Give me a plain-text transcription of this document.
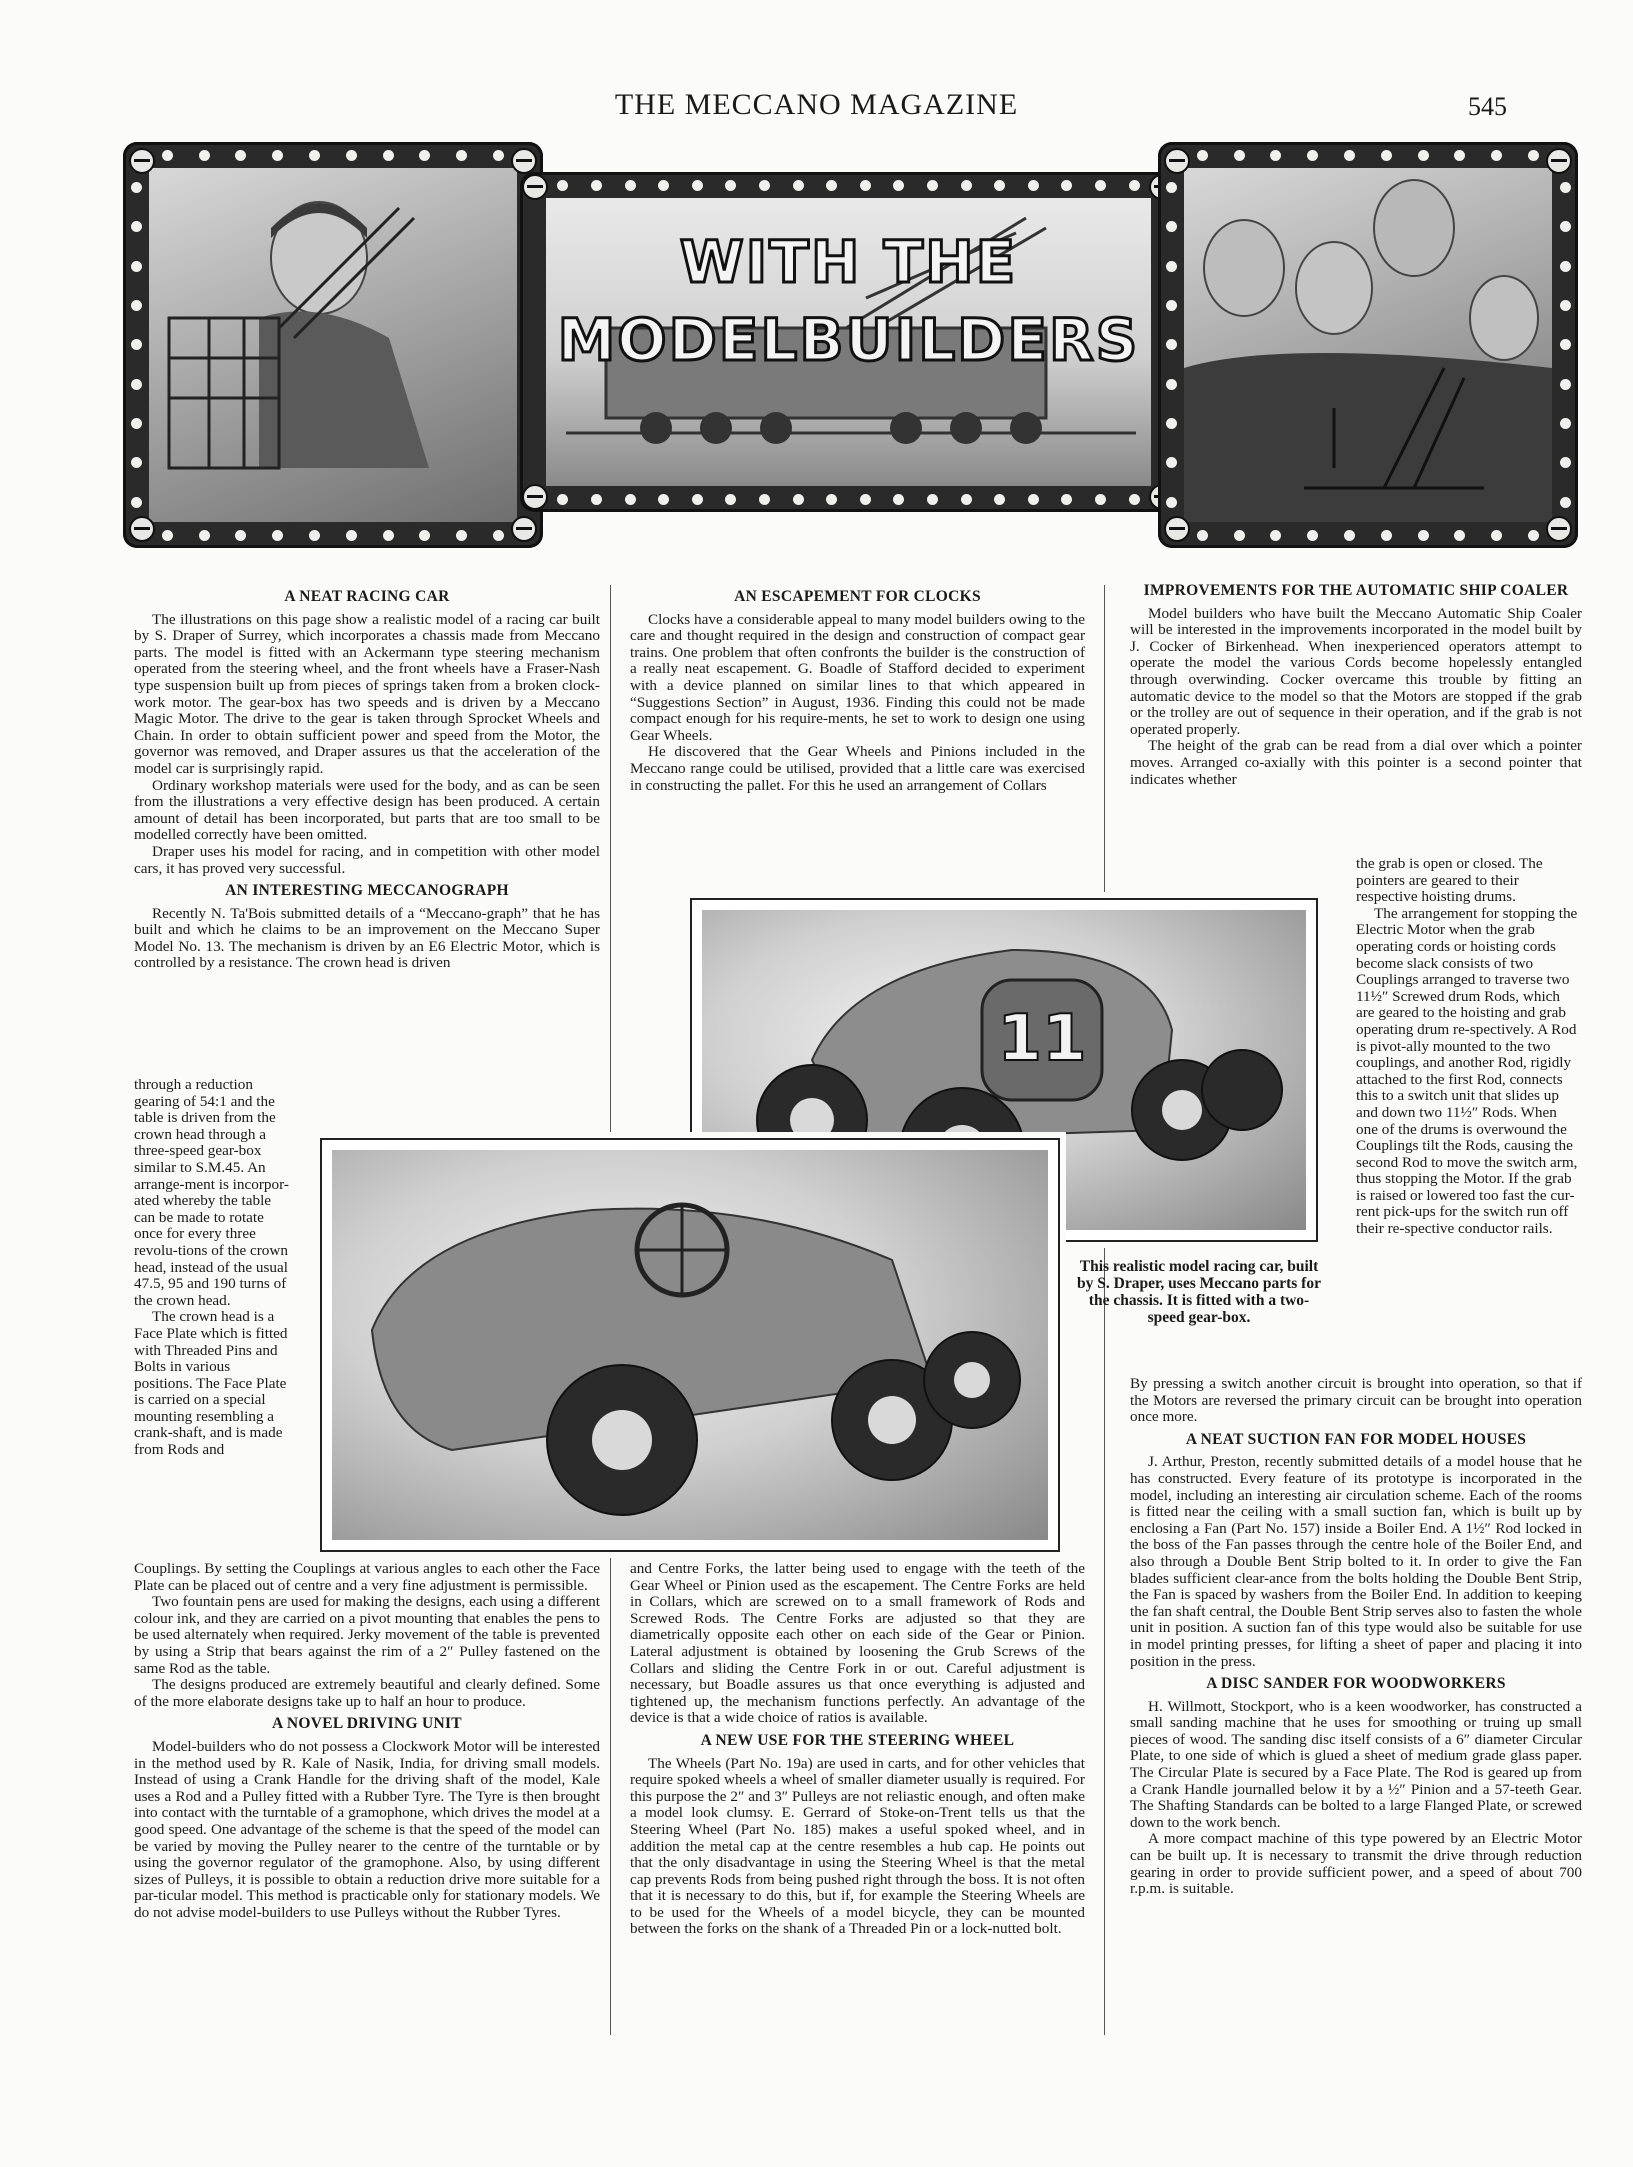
THE MECCANO MAGAZINE	545
WITH THE
MODELBUILDERS
A NEAT RACING CAR

The illustrations on this page show a realistic model of a racing car built by S. Draper of Surrey, which incorporates a chassis made from Meccano parts. The model is fitted with an Ackermann type steering mechanism operated from the steering wheel, and the front wheels have a Fraser-Nash type suspension built up from pieces of springs taken from a broken clock-work motor. The gear-box has two speeds and is driven by a Meccano Magic Motor. The drive to the gear is taken through Sprocket Wheels and Chain. In order to obtain sufficient power and speed from the Motor, the governor was removed, and Draper assures us that the acceleration of the model car is surprisingly rapid.

Ordinary workshop materials were used for the body, and as can be seen from the illustrations a very effective design has been produced. A certain amount of detail has been incorporated, but parts that are too small to be modelled correctly have been omitted.

Draper uses his model for racing, and in competition with other model cars, it has proved very successful.

AN INTERESTING MECCANOGRAPH

Recently N. Ta'Bois submitted details of a “Meccano-graph” that he has built and which he claims to be an improvement on the Meccano Super Model No. 13. The mechanism is driven by an E6 Electric Motor, which is controlled by a resistance. The crown head is driven

through a reduction gearing of 54:1 and the table is driven from the crown head through a three-speed gear-box similar to S.M.45. An arrange-ment is incorpor-ated whereby the table can be made to rotate once for every three revolu-tions of the crown head, instead of the usual 47.5, 95 and 190 turns of the crown head.

The crown head is a Face Plate which is fitted with Threaded Pins and Bolts in various positions. The Face Plate is carried on a special mounting resembling a crank-shaft, and is made from Rods and

Couplings. By setting the Couplings at various angles to each other the Face Plate can be placed out of centre and a very fine adjustment is permissible.

Two fountain pens are used for making the designs, each using a different colour ink, and they are carried on a pivot mounting that enables the pens to be used alternately when required. Jerky movement of the table is prevented by using a Strip that bears against the rim of a 2″ Pulley fastened on the same Rod as the table.

The designs produced are extremely beautiful and clearly defined. Some of the more elaborate designs take up to half an hour to produce.

A NOVEL DRIVING UNIT

Model-builders who do not possess a Clockwork Motor will be interested in the method used by R. Kale of Nasik, India, for driving small models. Instead of using a Crank Handle for the driving shaft of the model, Kale uses a Rod and a Pulley fitted with a Rubber Tyre. The Tyre is then brought into contact with the turntable of a gramophone, which drives the model at a good speed. One advantage of the scheme is that the speed of the model can be varied by moving the Pulley nearer to the centre of the turntable or by using the governor regulator of the gramophone. Also, by using different sizes of Pulleys, it is possible to obtain a reduction drive more suitable for a par-ticular model. This method is practicable only for stationary models. We do not advise model-builders to use Pulleys without the Rubber Tyres.

AN ESCAPEMENT FOR CLOCKS

Clocks have a considerable appeal to many model builders owing to the care and thought required in the design and construction of compact gear trains. One problem that often confronts the builder is the construction of a really neat escapement. G. Boadle of Stafford decided to experiment with a device planned on similar lines to that which appeared in “Suggestions Section” in August, 1936. Finding this could not be made compact enough for his require-ments, he set to work to design one using Gear Wheels.

He discovered that the Gear Wheels and Pinions included in the Meccano range could be utilised, provided that a little care was exercised in constructing the pallet. For this he used an arrangement of Collars

and Centre Forks, the latter being used to engage with the teeth of the Gear Wheel or Pinion used as the escapement. The Centre Forks are held in Collars, which are screwed on to a small framework of Rods and Screwed Rods. The Centre Forks are adjusted so that they are diametrically opposite each other on each side of the Gear or Pinion. Lateral adjustment is obtained by loosening the Grub Screws of the Collars and sliding the Centre Fork in or out. Careful adjustment is necessary, but Boadle assures us that once everything is adjusted and tightened up, the mechanism functions perfectly. An advantage of the device is that a wide choice of ratios is available.

A NEW USE FOR THE STEERING WHEEL

The Wheels (Part No. 19a) are used in carts, and for other vehicles that require spoked wheels a wheel of smaller diameter usually is required. For this purpose the 2″ and 3″ Pulleys are not reliastic enough, and often make a model look clumsy. E. Gerrard of Stoke-on-Trent tells us that the Steering Wheel (Part No. 185) makes a useful spoked wheel, and in addition the metal cap at the centre resembles a hub cap. He points out that the only disadvantage in using the Steering Wheel is that the metal cap prevents Rods from being pushed right through the boss. It is not often that it is necessary to do this, but if, for example the Steering Wheels are to be used for the Wheels of a model bicycle, they can be mounted between the forks on the shank of a Threaded Pin or a lock-nutted bolt.

IMPROVEMENTS FOR THE AUTOMATIC SHIP COALER

Model builders who have built the Meccano Automatic Ship Coaler will be interested in the improvements incorporated in the model built by J. Cocker of Birkenhead. When inexperienced operators attempt to operate the model the various Cords become hopelessly entangled through overwinding. Cocker overcame this trouble by fitting an automatic device to the model so that the Motors are stopped if the grab or the trolley are out of sequence in their operation, and if the grab is not operated properly.

The height of the grab can be read from a dial over which a pointer moves. Arranged co-axially with this pointer is a second pointer that indicates whether

the grab is open or closed. The pointers are geared to their respective hoisting drums.

The arrangement for stopping the Electric Motor when the grab operating cords or hoisting cords become slack consists of two Couplings arranged to traverse two 11½″ Screwed drum Rods, which are geared to the hoisting and grab operating drum re-spectively. A Rod is pivot-ally mounted to the two couplings, and another Rod, rigidly attached to the first Rod, connects this to a switch unit that slides up and down two 11½″ Rods. When one of the drums is overwound the Couplings tilt the Rods, causing the second Rod to move the switch arm, thus stopping the Motor. If the grab is raised or lowered too fast the cur-rent pick-ups for the switch run off their re-spective conductor rails.

By pressing a switch another circuit is brought into operation, so that if the Motors are reversed the primary circuit can be brought into operation once more.

A NEAT SUCTION FAN FOR MODEL HOUSES

J. Arthur, Preston, recently submitted details of a model house that he has constructed. Every feature of its prototype is incorporated in the model, including an interesting air circulation scheme. Each of the rooms is fitted near the ceiling with a small suction fan, which is built up by enclosing a Fan (Part No. 157) inside a Boiler End. A 1½″ Rod locked in the boss of the Fan passes through the centre hole of the Boiler End, and also through a Double Bent Strip bolted to it. In order to give the Fan blades sufficient clear-ance from the bolts holding the Double Bent Strip, the Fan is spaced by washers from the Boiler End. In addition to keeping the fan shaft central, the Double Bent Strip serves also to fasten the whole unit in position. A suction fan of this type would also be suitable for use in model printing presses, for lifting a sheet of paper and placing it into position in the press.

A DISC SANDER FOR WOODWORKERS

H. Willmott, Stockport, who is a keen woodworker, has constructed a small sanding machine that he uses for smoothing or truing up small pieces of wood. The sanding disc itself consists of a 6″ diameter Circular Plate, to one side of which is glued a sheet of medium grade glass paper. The Circular Plate is secured by a Face Plate. The Rod is geared up from a Crank Handle journalled below it by a ½″ Pinion and a 57-teeth Gear. The Shafting Standards can be bolted to a large Flanged Plate, or screwed down to the work bench.

A more compact machine of this type powered by an Electric Motor can be built up. It is necessary to transmit the drive through reduction gearing in order to provide sufficient power, and a speed of about 700 r.p.m. is suitable.

11
This realistic model racing car, built by S. Draper, uses Meccano parts for the chassis. It is fitted with a two-speed gear-box.
